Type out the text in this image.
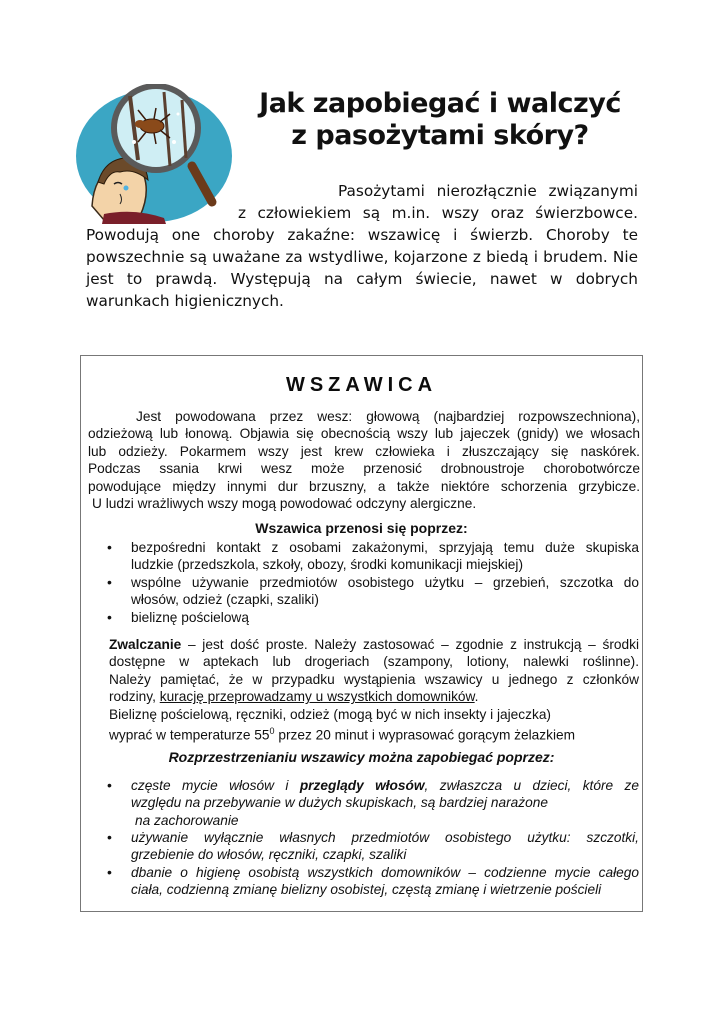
Jak zapobiegać i walczyć
z pasożytami skóry?
Pasożytami nierozłącznie związanymi
z człowiekiem są m.in. wszy oraz świerzbowce.
Powodują one choroby zakaźne: wszawicę i świerzb. Choroby te
powszechnie są uważane za wstydliwe, kojarzone z biedą i brudem. Nie
jest to prawdą. Występują na całym świecie, nawet w dobrych
warunkach higienicznych.
WSZAWICA
Jest powodowana przez wesz: głowową (najbardziej rozpowszechniona),
odzieżową lub łonową. Objawia się obecnością wszy lub jajeczek (gnidy) we włosach
lub odzieży. Pokarmem wszy jest krew człowieka i złuszczający się naskórek.
Podczas ssania krwi wesz może przenosić drobnoustroje chorobotwórcze
powodujące między innymi dur brzuszny, a także niektóre schorzenia grzybicze.
U ludzi wrażliwych wszy mogą powodować odczyny alergiczne.
Wszawica przenosi się poprzez:
• bezpośredni kontakt z osobami zakażonymi, sprzyjają temu duże skupiska
ludzkie (przedszkola, szkoły, obozy, środki komunikacji miejskiej)
• wspólne używanie przedmiotów osobistego użytku – grzebień, szczotka do
włosów, odzież (czapki, szaliki)
• bieliznę pościelową
Zwalczanie – jest dość proste. Należy zastosować – zgodnie z instrukcją – środki
dostępne w aptekach lub drogeriach (szampony, lotiony, nalewki roślinne).
Należy pamiętać, że w przypadku wystąpienia wszawicy u jednego z członków
rodziny, kurację przeprowadzamy u wszystkich domowników.
Bieliznę pościelową, ręczniki, odzież (mogą być w nich insekty i jajeczka)
wyprać w temperaturze $55^0$ przez 20 minut i wyprasować gorącym żelazkiem
Rozprzestrzenianiu wszawicy można zapobiegać poprzez:
• częste mycie włosów i przeglądy włosów, zwłaszcza u dzieci, które ze
względu na przebywanie w dużych skupiskach, są bardziej narażone
na zachorowanie
• używanie wyłącznie własnych przedmiotów osobistego użytku: szczotki,
grzebienie do włosów, ręczniki, czapki, szaliki
• dbanie o higienę osobistą wszystkich domowników – codzienne mycie całego
ciała, codzienną zmianę bielizny osobistej, częstą zmianę i wietrzenie pościeli
